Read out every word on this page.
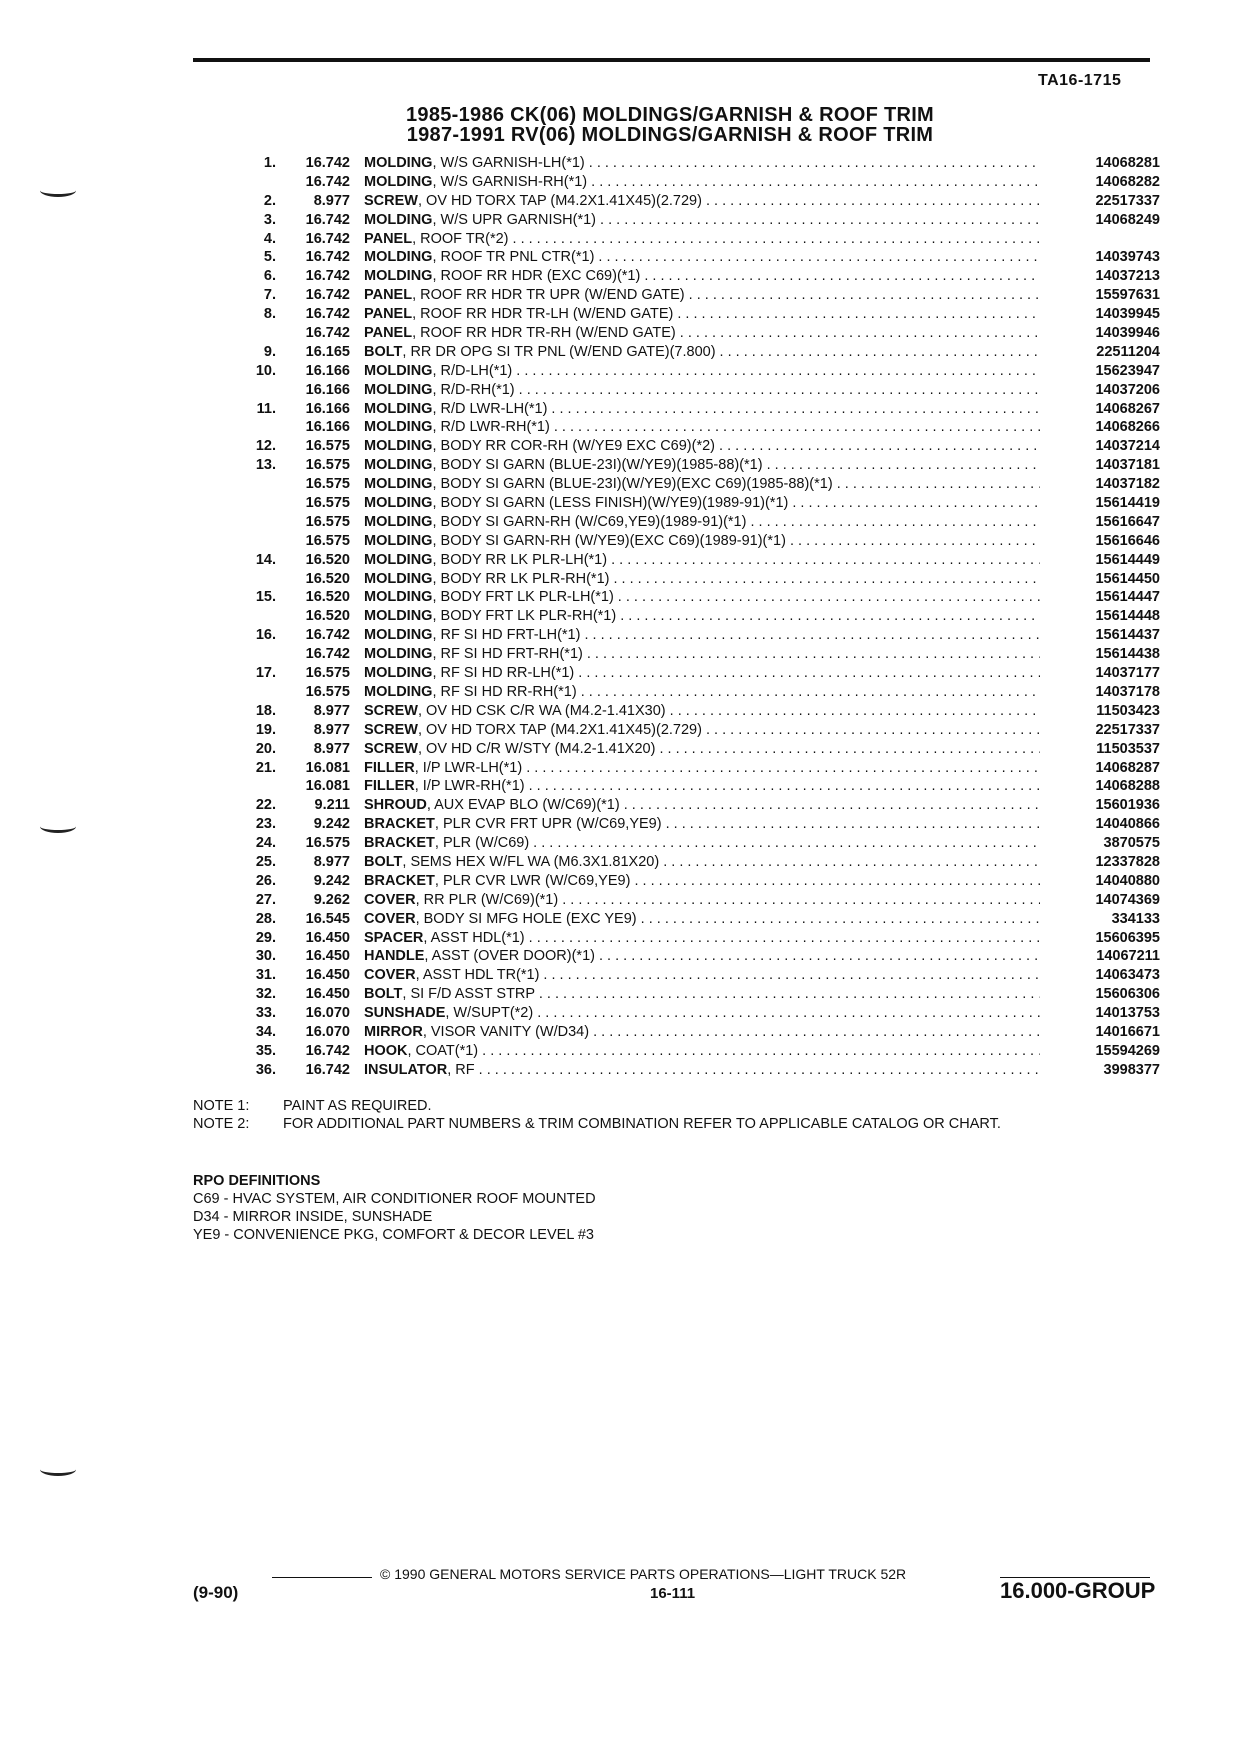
TA16-1715
1985-1986 CK(06) MOLDINGS/GARNISH & ROOF TRIM
1987-1991 RV(06) MOLDINGS/GARNISH & ROOF TRIM
1.	16.742 MOLDING, W/S GARNISH-LH(*1) . . .	14068281
16.742 MOLDING, W/S GARNISH-RH(*1) . . .	14068282
2.	8.977 SCREW, OV HD TORX TAP (M4.2X1.41X45)(2.729) . . .	22517337
3.	16.742 MOLDING, W/S UPR GARNISH(*1) . . .	14068249
4.	16.742 PANEL, ROOF TR(*2) . . .
5.	16.742 MOLDING, ROOF TR PNL CTR(*1) . . .	14039743
6.	16.742 MOLDING, ROOF RR HDR (EXC C69)(*1) . . .	14037213
7.	16.742 PANEL, ROOF RR HDR TR UPR (W/END GATE) . . .	15597631
8.	16.742 PANEL, ROOF RR HDR TR-LH (W/END GATE) . . .	14039945
16.742 PANEL, ROOF RR HDR TR-RH (W/END GATE) . . .	14039946
9.	16.165 BOLT, RR DR OPG SI TR PNL (W/END GATE)(7.800) . . .	22511204
10.	16.166 MOLDING, R/D-LH(*1) . . .	15623947
16.166 MOLDING, R/D-RH(*1) . . .	14037206
11.	16.166 MOLDING, R/D LWR-LH(*1) . . .	14068267
16.166 MOLDING, R/D LWR-RH(*1) . . .	14068266
12.	16.575 MOLDING, BODY RR COR-RH (W/YE9 EXC C69)(*2) . . .	14037214
13.	16.575 MOLDING, BODY SI GARN (BLUE-23I)(W/YE9)(1985-88)(*1) . . .	14037181
16.575 MOLDING, BODY SI GARN (BLUE-23I)(W/YE9)(EXC C69)(1985-88)(*1) . . .	14037182
16.575 MOLDING, BODY SI GARN (LESS FINISH)(W/YE9)(1989-91)(*1) . . .	15614419
16.575 MOLDING, BODY SI GARN-RH (W/C69,YE9)(1989-91)(*1) . . .	15616647
16.575 MOLDING, BODY SI GARN-RH (W/YE9)(EXC C69)(1989-91)(*1) . . .	15616646
14.	16.520 MOLDING, BODY RR LK PLR-LH(*1) . . .	15614449
16.520 MOLDING, BODY RR LK PLR-RH(*1) . . .	15614450
15.	16.520 MOLDING, BODY FRT LK PLR-LH(*1) . . .	15614447
16.520 MOLDING, BODY FRT LK PLR-RH(*1) . . .	15614448
16.	16.742 MOLDING, RF SI HD FRT-LH(*1) . . .	15614437
16.742 MOLDING, RF SI HD FRT-RH(*1) . . .	15614438
17.	16.575 MOLDING, RF SI HD RR-LH(*1) . . .	14037177
16.575 MOLDING, RF SI HD RR-RH(*1) . . .	14037178
18.	8.977 SCREW, OV HD CSK C/R WA (M4.2-1.41X30) . . .	11503423
19.	8.977 SCREW, OV HD TORX TAP (M4.2X1.41X45)(2.729) . . .	22517337
20.	8.977 SCREW, OV HD C/R W/STY (M4.2-1.41X20) . . .	11503537
21.	16.081 FILLER, I/P LWR-LH(*1) . . .	14068287
16.081 FILLER, I/P LWR-RH(*1) . . .	14068288
22.	9.211 SHROUD, AUX EVAP BLO (W/C69)(*1) . . .	15601936
23.	9.242 BRACKET, PLR CVR FRT UPR (W/C69,YE9) . . .	14040866
24.	16.575 BRACKET, PLR (W/C69) . . .	3870575
25.	8.977 BOLT, SEMS HEX W/FL WA (M6.3X1.81X20) . . .	12337828
26.	9.242 BRACKET, PLR CVR LWR (W/C69,YE9) . . .	14040880
27.	9.262 COVER, RR PLR (W/C69)(*1) . . .	14074369
28.	16.545 COVER, BODY SI MFG HOLE (EXC YE9) . . .	334133
29.	16.450 SPACER, ASST HDL(*1) . . .	15606395
30.	16.450 HANDLE, ASST (OVER DOOR)(*1) . . .	14067211
31.	16.450 COVER, ASST HDL TR(*1) . . .	14063473
32.	16.450 BOLT, SI F/D ASST STRP . . .	15606306
33.	16.070 SUNSHADE, W/SUPT(*2) . . .	14013753
34.	16.070 MIRROR, VISOR VANITY (W/D34) . . .	14016671
35.	16.742 HOOK, COAT(*1) . . .	15594269
36.	16.742 INSULATOR, RF . . .	3998377
NOTE 1: PAINT AS REQUIRED.
NOTE 2: FOR ADDITIONAL PART NUMBERS & TRIM COMBINATION REFER TO APPLICABLE CATALOG OR CHART.
RPO DEFINITIONS
C69 - HVAC SYSTEM, AIR CONDITIONER ROOF MOUNTED
D34 - MIRROR INSIDE, SUNSHADE
YE9 - CONVENIENCE PKG, COMFORT & DECOR LEVEL #3
© 1990 GENERAL MOTORS SERVICE PARTS OPERATIONS—LIGHT TRUCK 52R
(9-90)	16-111	16.000-GROUP
